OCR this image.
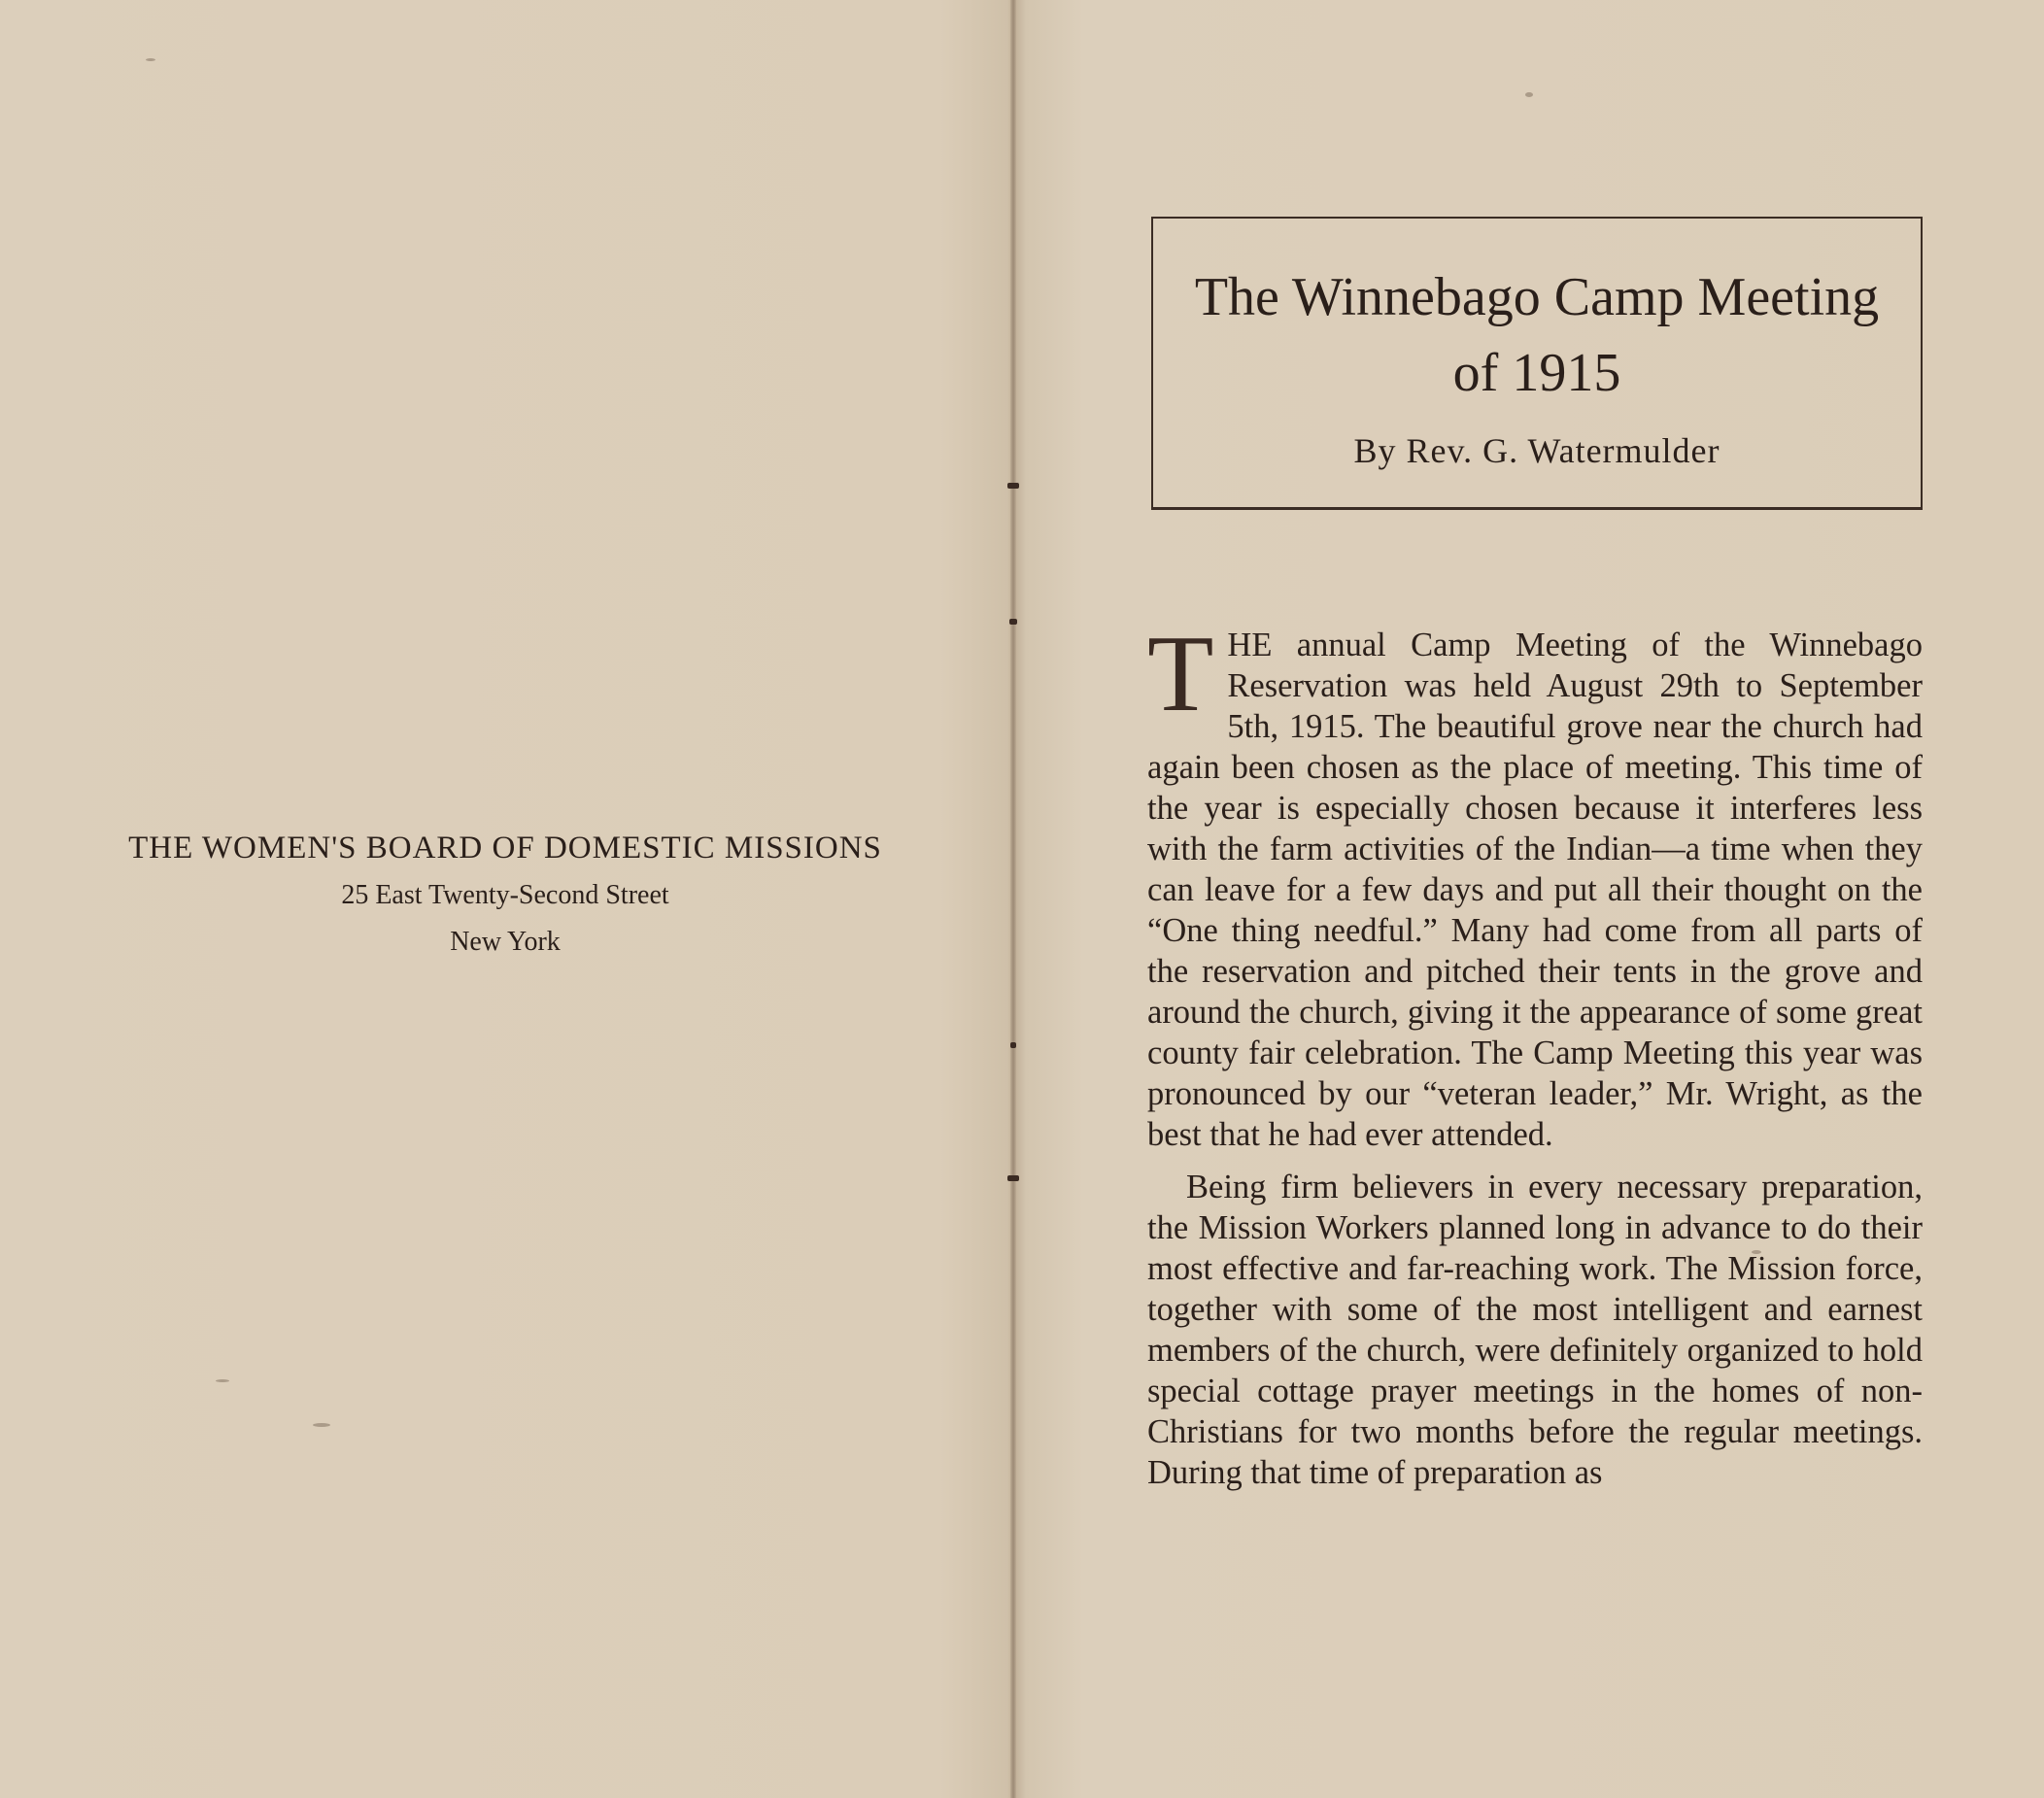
THE WOMEN'S BOARD OF DOMESTIC MISSIONS

25 East Twenty-Second Street

New York

The Winnebago Camp Meeting of 1915
By Rev. G. Watermulder

THE annual Camp Meeting of the Winnebago Reservation was held August 29th to September 5th, 1915. The beautiful grove near the church had again been chosen as the place of meeting. This time of the year is especially chosen because it interferes less with the farm activities of the Indian—a time when they can leave for a few days and put all their thought on the “One thing needful.” Many had come from all parts of the reservation and pitched their tents in the grove and around the church, giving it the appearance of some great county fair celebration. The Camp Meeting this year was pronounced by our “veteran leader,” Mr. Wright, as the best that he had ever attended.

Being firm believers in every necessary preparation, the Mission Workers planned long in advance to do their most effective and far-reaching work. The Mission force, together with some of the most intelligent and earnest members of the church, were definitely organized to hold special cottage prayer meetings in the homes of non-Christians for two months before the regular meetings. During that time of preparation as
